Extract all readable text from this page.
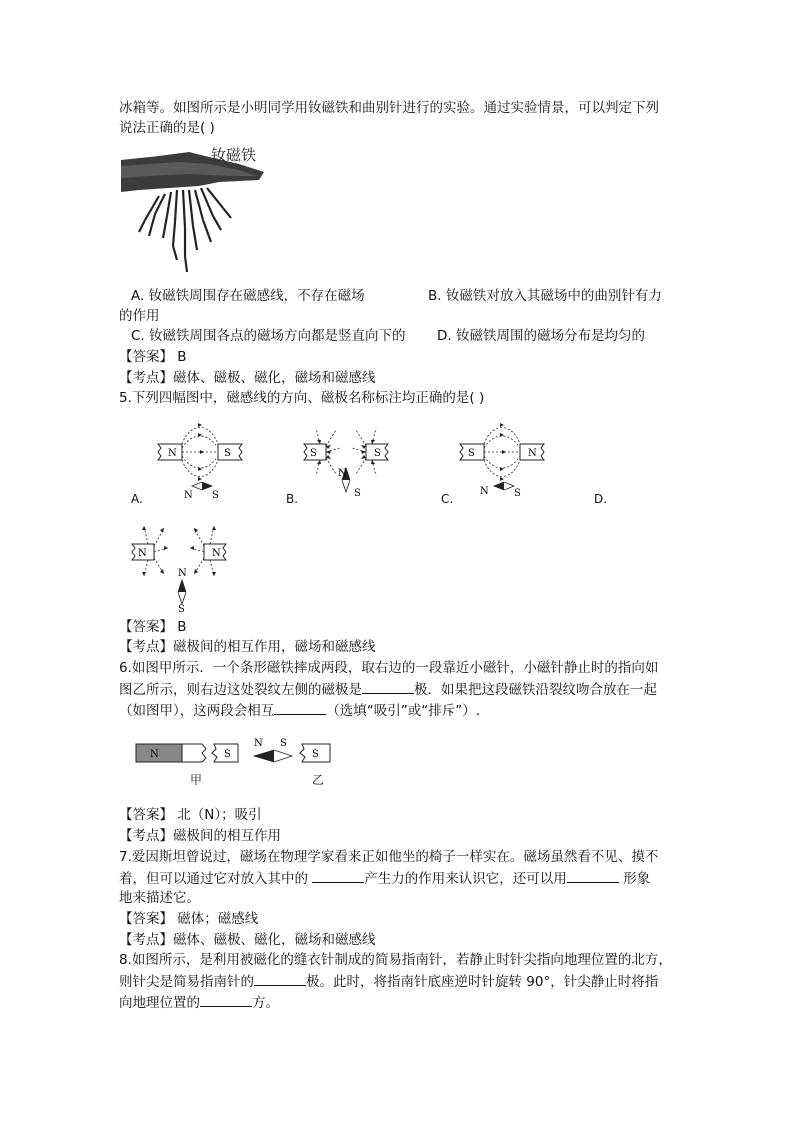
冰箱等。如图所示是小明同学用钕磁铁和曲别针进行的实验。通过实验情景，可以判定下列
说法正确的是( )
钕磁铁
A. 钕磁铁周围存在磁感线，不存在磁场	B. 钕磁铁对放入其磁场中的曲别针有力
的作用
C. 钕磁铁周围各点的磁场方向都是竖直向下的 D. 钕磁铁周围的磁场分布是均匀的
【答案】 B
【考点】磁体、磁极、磁化，磁场和磁感线
5.下列四幅图中，磁感线的方向、磁极名称标注均正确的是( )
N	S
N S
A.
S	S
N
S
B.
S	N
N	S
C.	D.
N	N
N
S
【答案】 B
【考点】磁极间的相互作用，磁场和磁感线
6.如图甲所示．一个条形磁铁摔成两段，取右边的一段靠近小磁针，小磁针静止时的指向如
图乙所示，则右边这处裂纹左侧的磁极是	极．如果把这段磁铁沿裂纹吻合放在一起
（如图甲），这两段会相互	（选填“吸引”或“排斥”）.
N	S
N S
S
甲	乙
【答案】 北（N）；吸引
【考点】磁极间的相互作用
7.爱因斯坦曾说过，磁场在物理学家看来正如他坐的椅子一样实在。磁场虽然看不见、摸不
着，但可以通过它对放入其中的	产生力的作用来认识它，还可以用	形象
地来描述它。
【答案】 磁体；磁感线
【考点】磁体、磁极、磁化，磁场和磁感线
8.如图所示，是利用被磁化的缝衣针制成的简易指南针，若静止时针尖指向地理位置的北方，
则针尖是简易指南针的	极。此时，将指南针底座逆时针旋转 90°，针尖静止时将指
向地理位置的	方。
